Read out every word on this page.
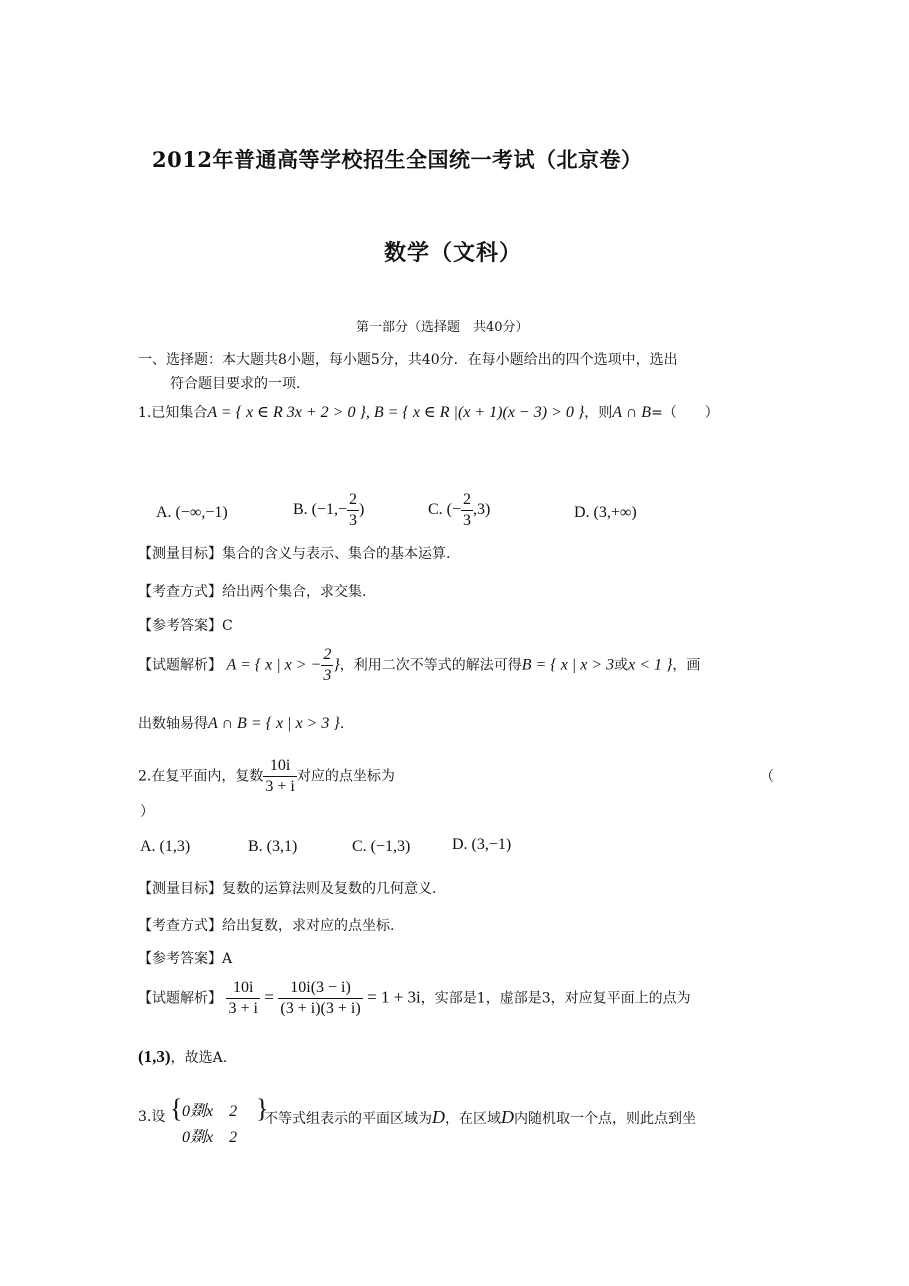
2012年普通高等学校招生全国统一考试（北京卷）
数学（文科）
第一部分（选择题　共40分）
一、选择题：本大题共8小题，每小题5分，共40分．在每小题给出的四个选项中，选出
符合题目要求的一项．
1.已知集合A = { x ∈ R 3x + 2 > 0 }, B = { x ∈ R |(x + 1)(x − 3) > 0 }，则A ∩ B=（　　）
A. (−∞,−1)	B. ($-1,- \frac{2}{3}$ )	C. (− $\frac{2}{3} ,3$)	D. (3,+∞)
【测量目标】集合的含义与表示、集合的基本运算.
【考查方式】给出两个集合，求交集.
【参考答案】C
【试题解析】 A = { x | x > − $\frac{2}{3}$ }，利用二次不等式的解法可得B = { x | x > 3或x < 1 }，画
出数轴易得A ∩ B = { x | x > 3 }.
2.在复平面内，复数 $\frac{10i}{3 + i}$ 对应的点坐标为	（
）
A. (1,3)	B. (3,1)	C. (−1,3)	D. (3,−1)
【测量目标】复数的运算法则及复数的几何意义.
【考查方式】给出复数，求对应的点坐标.
【参考答案】A
【试题解析】 $\frac{10i}{3 + i} = \frac{10i(3 - i)}{(3 + i)(3 + i)} = 1 + 3i$，实部是1，虚部是3，对应复平面上的点为
(1,3)，故选A.
3.设 { 0剟x　2
0剟x　2
}
不等式组表示的平面区域为D，在区域D内随机取一个点，则此点到坐
